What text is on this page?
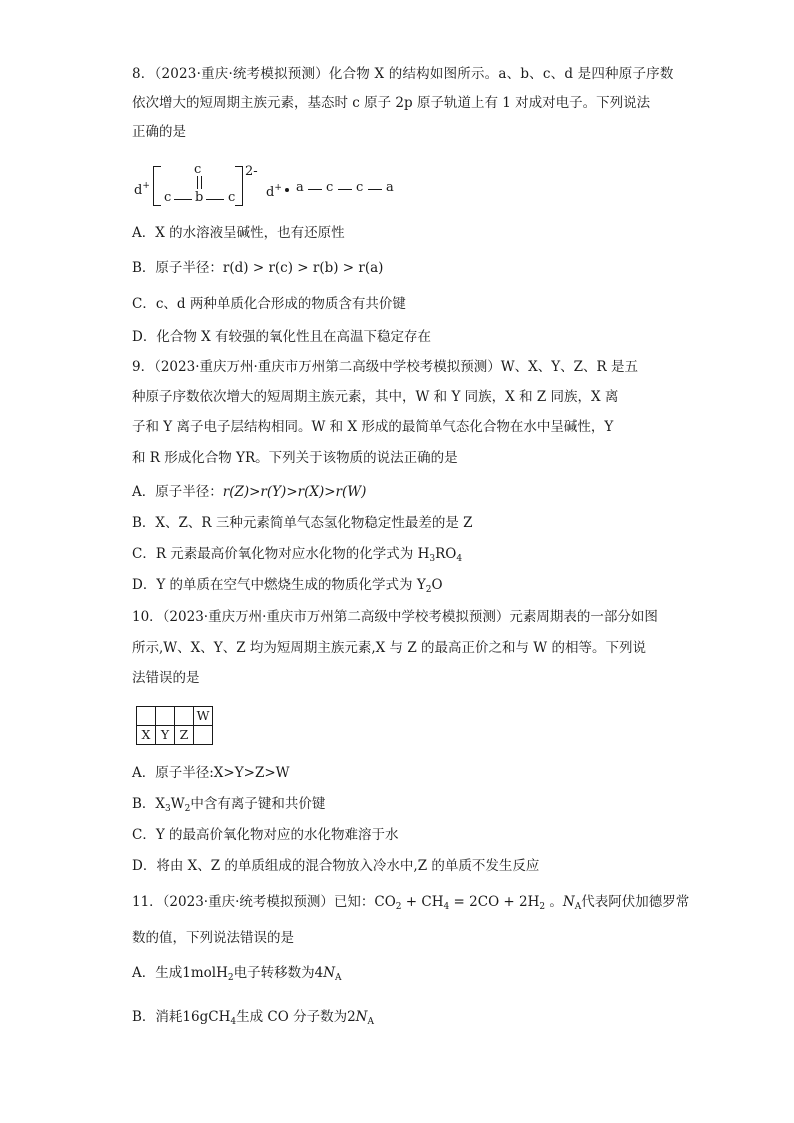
8．（2023·重庆·统考模拟预测）化合物 X 的结构如图所示。a、b、c、d 是四种原子序数
依次增大的短周期主族元素，基态时 c 原子 2p 原子轨道上有 1 对成对电子。下列说法
正确的是
d+
c
c b c
2-
d+ a c c a
A．X 的水溶液呈碱性，也有还原性
B．原子半径：r(d) > r(c) > r(b) > r(a)
C．c、d 两种单质化合形成的物质含有共价键
D．化合物 X 有较强的氧化性且在高温下稳定存在
9．（2023·重庆万州·重庆市万州第二高级中学校考模拟预测）W、X、Y、Z、R 是五
种原子序数依次增大的短周期主族元素，其中，W 和 Y 同族，X 和 Z 同族，X 离
子和 Y 离子电子层结构相同。W 和 X 形成的最简单气态化合物在水中呈碱性，Y
和 R 形成化合物 YR。下列关于该物质的说法正确的是
A．原子半径：r(Z)>r(Y)>r(X)>r(W)
B．X、Z、R 三种元素简单气态氢化物稳定性最差的是 Z
C．R 元素最高价氧化物对应水化物的化学式为 $H_3RO_4$
D．Y 的单质在空气中燃烧生成的物质化学式为 $Y_2O$
10．（2023·重庆万州·重庆市万州第二高级中学校考模拟预测）元素周期表的一部分如图
所示,W、X、Y、Z 均为短周期主族元素,X 与 Z 的最高正价之和与 W 的相等。下列说
法错误的是
			W
X	Y	Z	
A．原子半径:X>Y>Z>W
B．$X_3W_2$中含有离子键和共价键
C．Y 的最高价氧化物对应的水化物难溶于水
D．将由 X、Z 的单质组成的混合物放入冷水中,Z 的单质不发生反应
11．（2023·重庆·统考模拟预测）已知：$CO_2 + CH_4 = 2CO + 2H_2$ 。$N_A$代表阿伏加德罗常
数的值，下列说法错误的是
A．生成1molH$_2$电子转移数为$4N_A$
B．消耗16gCH$_4$生成 CO 分子数为$2N_A$
